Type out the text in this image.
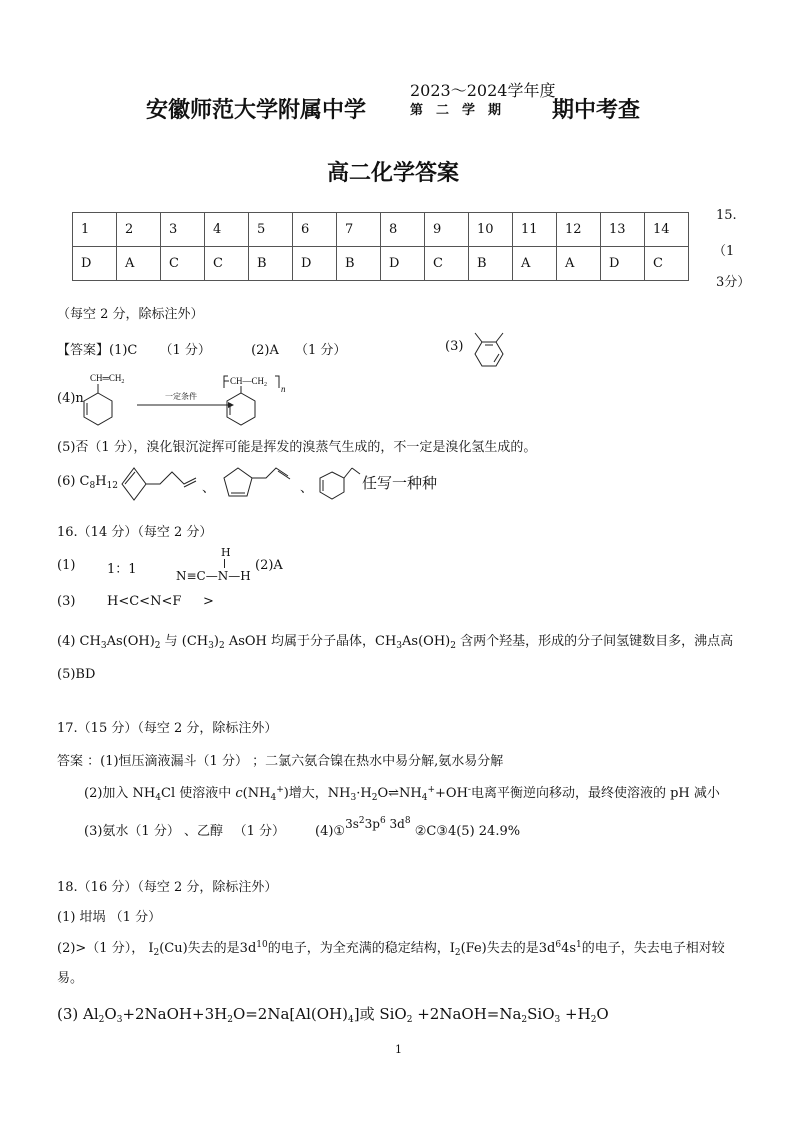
安徽师范大学附属中学
2023～2024学年度
第　二　学　期 期中考查
高二化学答案
1	2	3	4	5	6	7	8	9	10	11	12	13	14
D	A	C	C	B	D	B	D	C	B	A	A	D	C
15.
（1
3分）
（每空 2 分，除标注外）
【答案】(1)C （1 分）	(2)A （1 分）	(3)
(4)n
$CH═CH_2$
一定条件
$CH—CH_2$ n
(5)否（1 分），溴化银沉淀挥可能是挥发的溴蒸气生成的，不一定是溴化氢生成的。
(6) $C_8H_{12}$	、	、	任写一种种
16.（14 分）（每空 2 分）
(1) 1：1
H
N≡C—N—H
(2)A
(3) H<C<N<F >
(4) $CH_3As(OH)_2$ 与 $(CH_3)_2$ AsOH 均属于分子晶体，$CH_3As(OH)_2$ 含两个羟基，形成的分子间氢键数目多，沸点高
(5)BD
17.（15 分）（每空 2 分，除标注外）
答案 ：(1)恒压滴液漏斗（1 分） ；二氯六氨合镍在热水中易分解,氨水易分解
(2)加入 $NH_4Cl$ 使溶液中 $c(NH_4^+)$增大，$NH_3\cdot H_2O\rightleftharpoons NH_4^++OH^-$电离平衡逆向移动，最终使溶液的 pH 减小
(3)氨水（1 分） 、乙醇 　（1 分） $(4)①3s^23p^6$ $3d^8$ ②C③4(5) 24.9%
18.（16 分）（每空 2 分，除标注外）
(1) 坩埚 （1 分）
(2)>（1 分）， $I_2(Cu)$失去的是$3d^{10}$的电子，为全充满的稳定结构，$I_2(Fe)$失去的是$3d^64s^1$的电子，失去电子相对较
易。
(3) $Al_2O_3+2NaOH+3H_2O=2Na[Al(OH)_4]$或 $SiO_2 +2NaOH=Na_2SiO_3 +H_2O$
1
